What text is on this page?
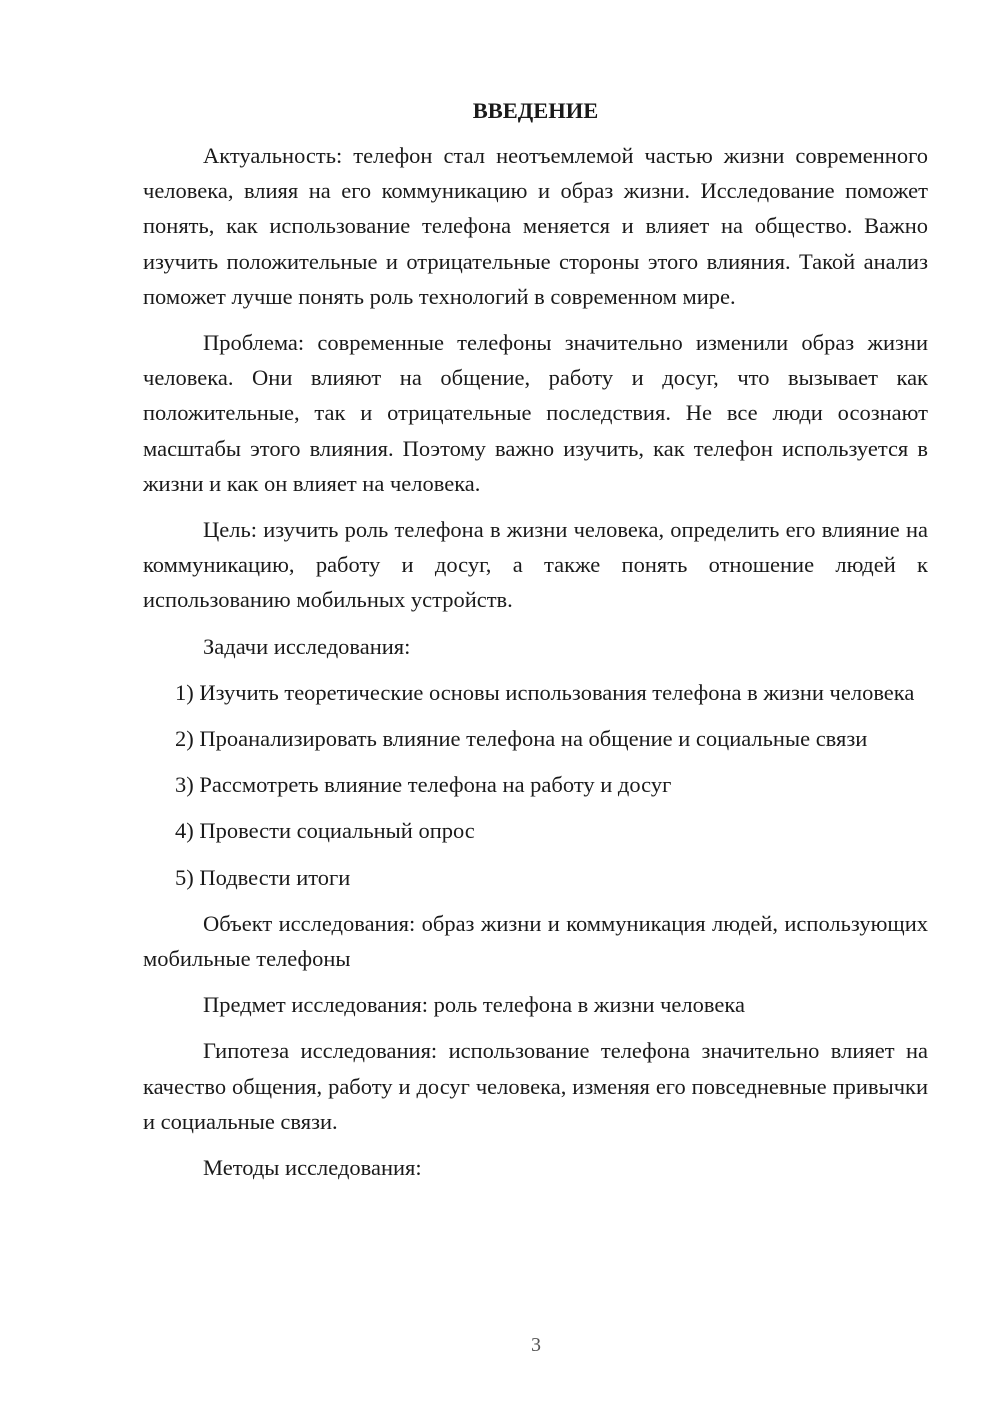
ВВЕДЕНИЕ

Актуальность: телефон стал неотъемлемой частью жизни современного человека, влияя на его коммуникацию и образ жизни. Исследование поможет понять, как использование телефона меняется и влияет на общество. Важно изучить положительные и отрицательные стороны этого влияния. Такой анализ поможет лучше понять роль технологий в современном мире.

Проблема: современные телефоны значительно изменили образ жизни человека. Они влияют на общение, работу и досуг, что вызывает как положительные, так и отрицательные последствия. Не все люди осознают масштабы этого влияния. Поэтому важно изучить, как телефон используется в жизни и как он влияет на человека.

Цель: изучить роль телефона в жизни человека, определить его влияние на коммуникацию, работу и досуг, а также понять отношение людей к использованию мобильных устройств.

Задачи исследования:

1) Изучить теоретические основы использования телефона в жизни человека

2) Проанализировать влияние телефона на общение и социальные связи

3) Рассмотреть влияние телефона на работу и досуг

4) Провести социальный опрос

5) Подвести итоги

Объект исследования: образ жизни и коммуникация людей, использующих мобильные телефоны

Предмет исследования: роль телефона в жизни человека

Гипотеза исследования: использование телефона значительно влияет на качество общения, работу и досуг человека, изменяя его повседневные привычки и социальные связи.

Методы исследования:

3
